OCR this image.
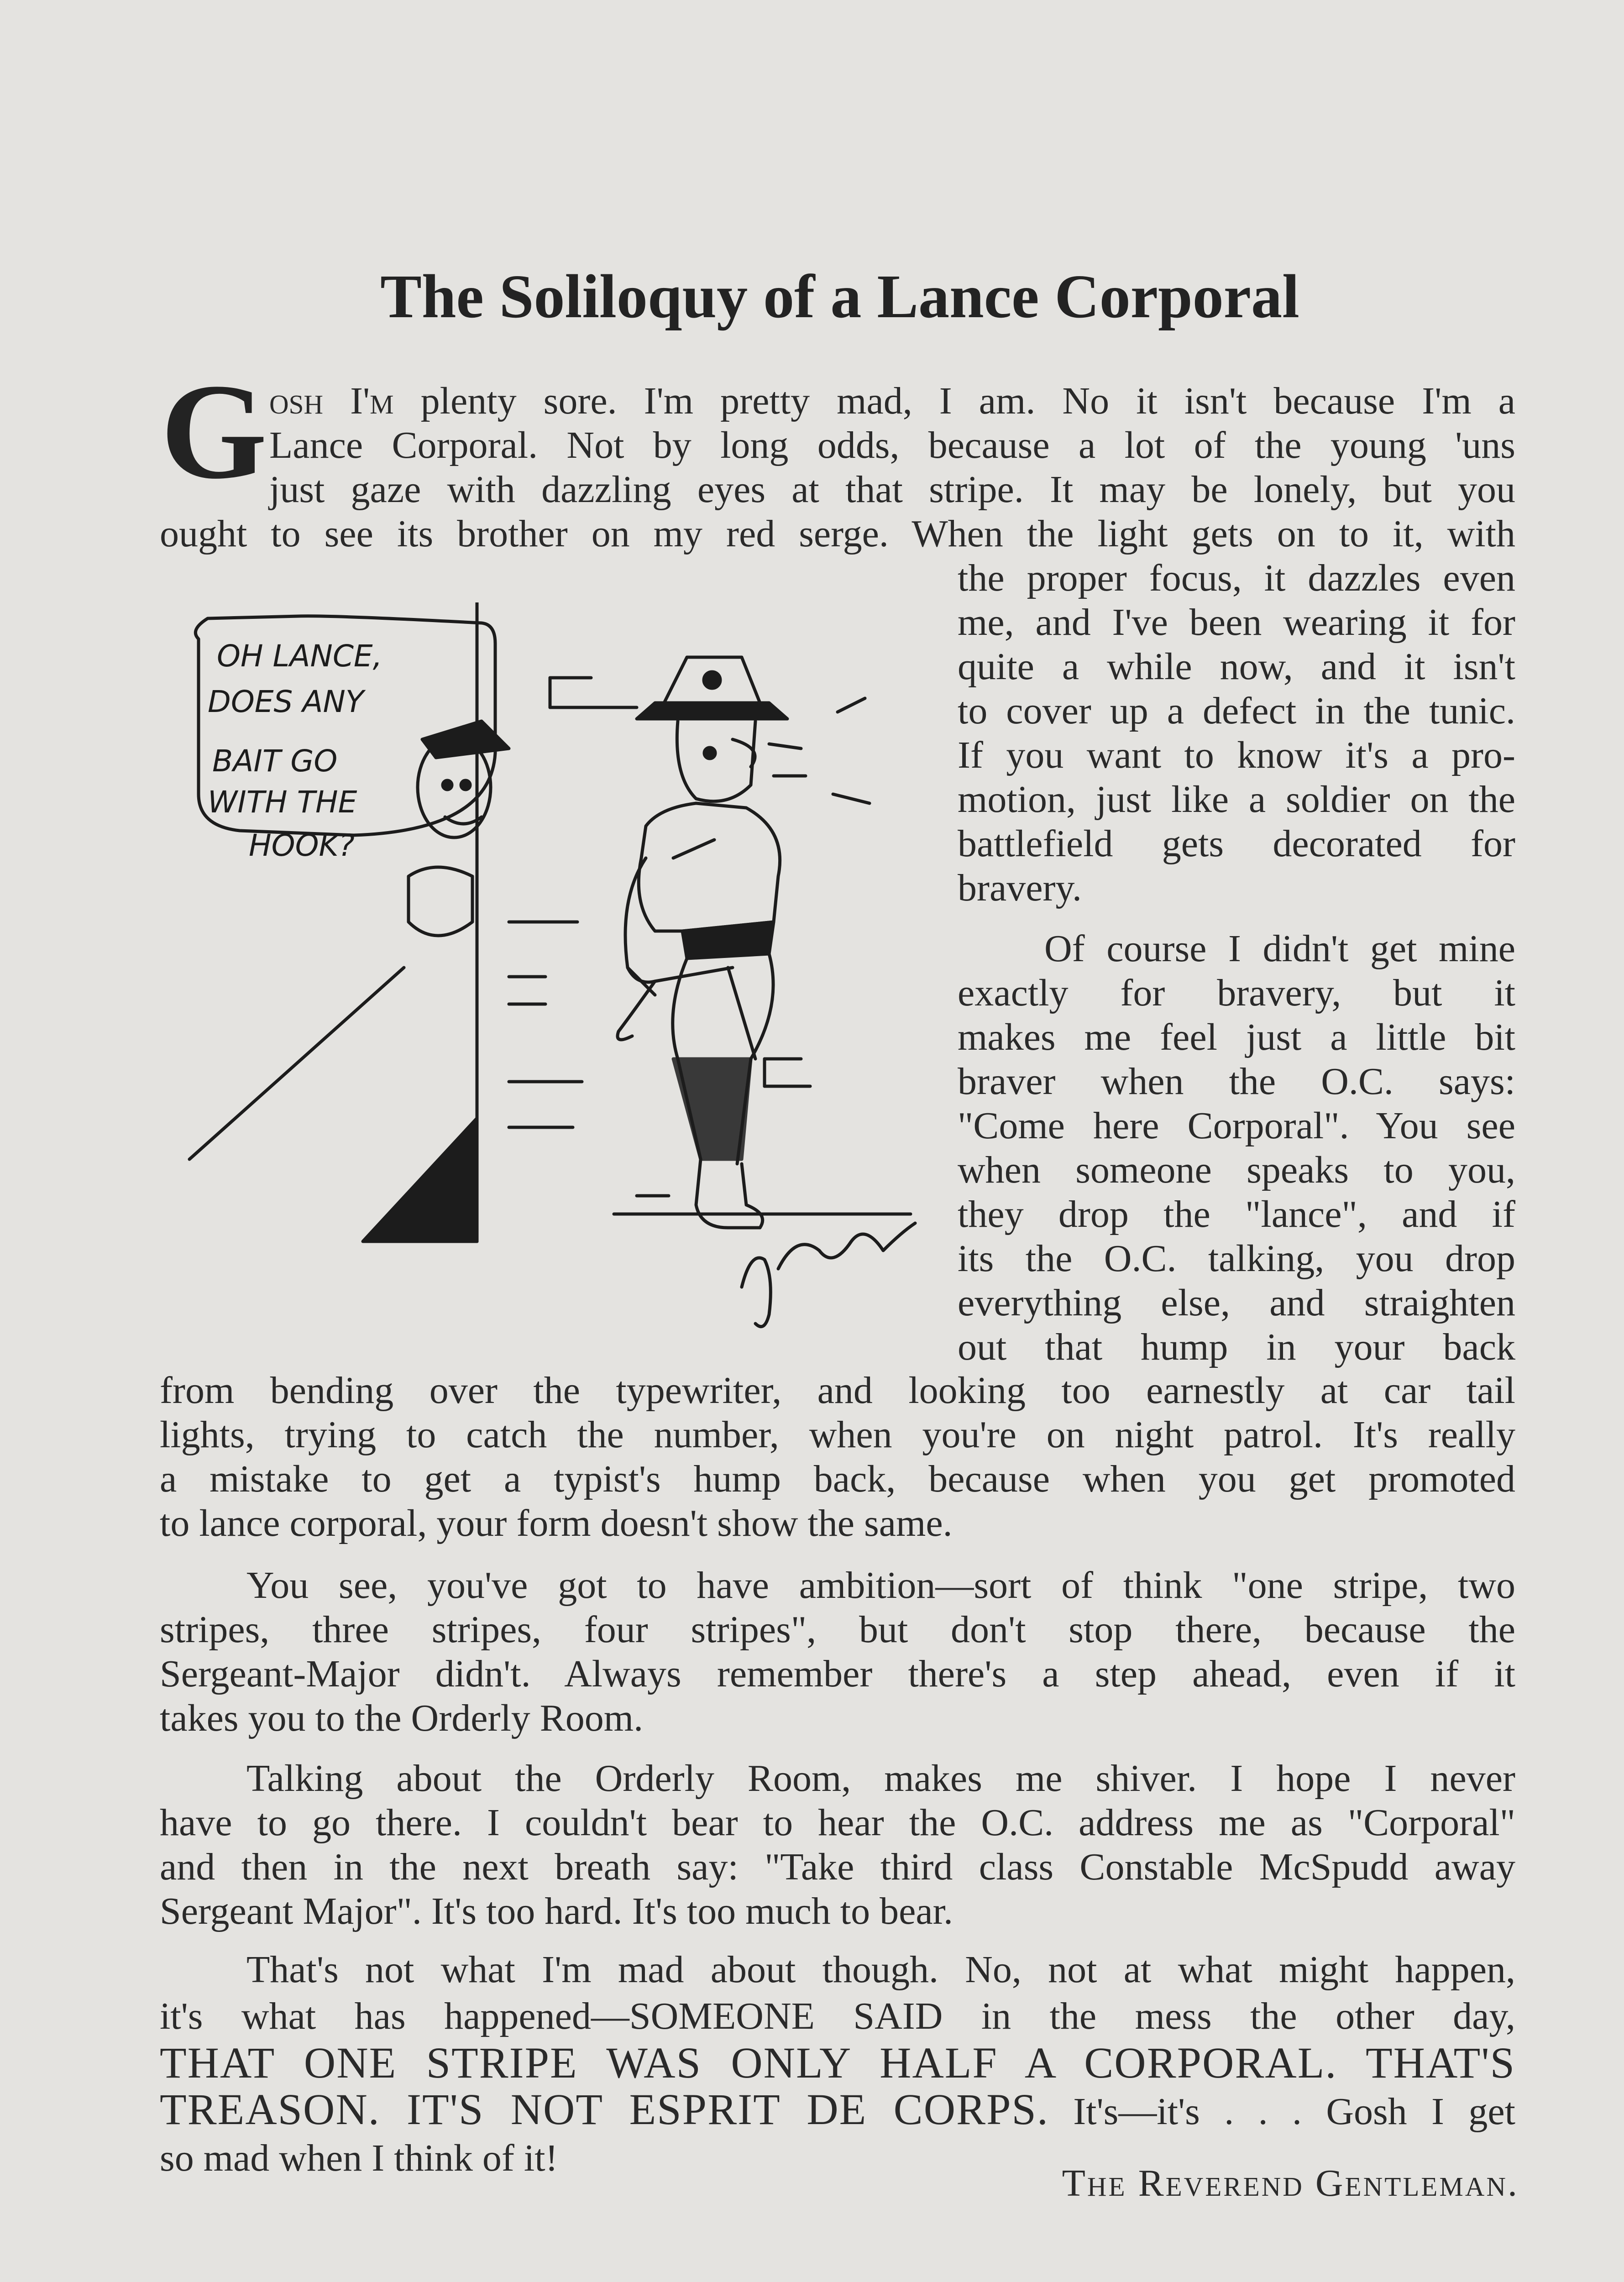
The Soliloquy of a Lance Corporal
G osh I'm plenty sore. I'm pretty mad, I am. No it isn't because I'm a
Lance Corporal. Not by long odds, because a lot of the young 'uns
just gaze with dazzling eyes at that stripe. It may be lonely, but you
ought to see its brother on my red serge. When the light gets on to it, with
the proper focus, it dazzles even
me, and I've been wearing it for
quite a while now, and it isn't
to cover up a defect in the tunic.
If you want to know it's a pro-
motion, just like a soldier on the
battlefield gets decorated for
bravery.
Of course I didn't get mine
exactly for bravery, but it
makes me feel just a little bit
braver when the O.C. says:
"Come here Corporal". You see
when someone speaks to you,
they drop the "lance", and if
its the O.C. talking, you drop
everything else, and straighten
out that hump in your back
from bending over the typewriter, and looking too earnestly at car tail
lights, trying to catch the number, when you're on night patrol. It's really
a mistake to get a typist's hump back, because when you get promoted
to lance corporal, your form doesn't show the same.
You see, you've got to have ambition—sort of think "one stripe, two
stripes, three stripes, four stripes", but don't stop there, because the
Sergeant-Major didn't. Always remember there's a step ahead, even if it
takes you to the Orderly Room.
Talking about the Orderly Room, makes me shiver. I hope I never
have to go there. I couldn't bear to hear the O.C. address me as "Corporal"
and then in the next breath say: "Take third class Constable McSpudd away
Sergeant Major". It's too hard. It's too much to bear.
That's not what I'm mad about though. No, not at what might happen,
it's what has happened—SOMEONE SAID in the mess the other day,
THAT ONE STRIPE WAS ONLY HALF A CORPORAL. THAT'S
TREASON. IT'S NOT ESPRIT DE CORPS. It's—it's . . . Gosh I get
so mad when I think of it!
The Reverend Gentleman.
OH LANCE,
DOES ANY
BAIT GO
WITH THE
HOOK?
